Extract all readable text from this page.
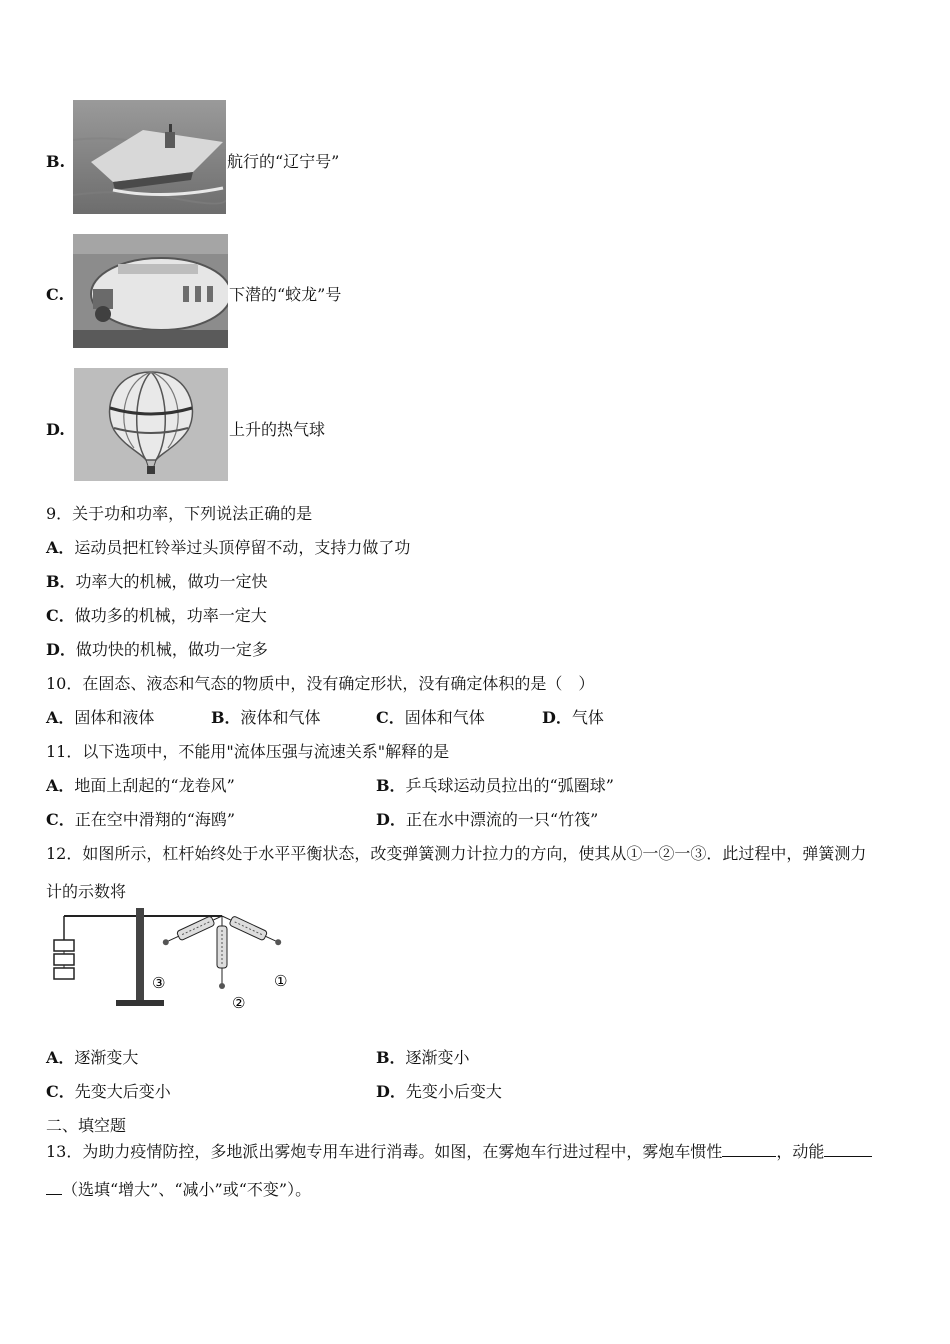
B.	航行的“辽宁号”
C.	下潜的“蛟龙”号
D.	上升的热气球
9．关于功和功率，下列说法正确的是
A．运动员把杠铃举过头顶停留不动，支持力做了功
B．功率大的机械，做功一定快
C．做功多的机械，功率一定大
D．做功快的机械，做功一定多
10．在固态、液态和气态的物质中，没有确定形状，没有确定体积的是（　）
A．固体和液体	B．液体和气体	C．固体和气体	D．气体
11．以下选项中，不能用"流体压强与流速关系"解释的是
A．地面上刮起的“龙卷风”	B．乒乓球运动员拉出的“弧圈球”
C．正在空中滑翔的“海鸥”	D．正在水中漂流的一只“竹筏”
12．如图所示，杠杆始终处于水平平衡状态，改变弹簧测力计拉力的方向，使其从①一②一③．此过程中，弹簧测力
计的示数将
①
②
③
A．逐渐变大	B．逐渐变小
C．先变大后变小	D．先变小后变大
二、填空题
13．为助力疫情防控，多地派出雾炮专用车进行消毒。如图，在雾炮车行进过程中，雾炮车惯性	，动能
（选填“增大”、“减小”或“不变”）。
